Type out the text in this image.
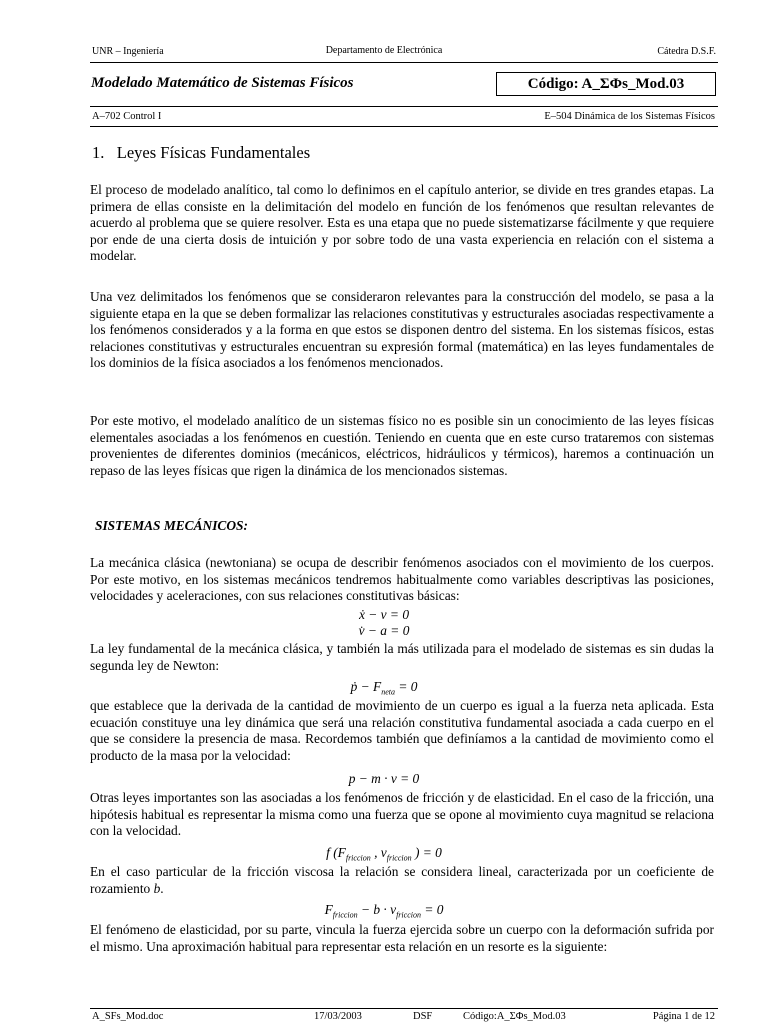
UNR – Ingeniería	Departamento de Electrónica	Cátedra D.S.F.
Modelado Matemático de Sistemas Físicos	Código: A_ΣΦs_Mod.03
A–702 Control I	E–504 Dinámica de los Sistemas Físicos
1.   Leyes Físicas Fundamentales

El proceso de modelado analítico, tal como lo definimos en el capítulo anterior, se divide en tres grandes etapas. La primera de ellas consiste en la delimitación del modelo en función de los fenómenos que resultan relevantes de acuerdo al problema que se quiere resolver. Esta es una etapa que no puede sistematizarse fácilmente y que requiere por ende de una cierta dosis de intuición y por sobre todo de una vasta experiencia en relación con el sistema a modelar.

Una vez delimitados los fenómenos que se consideraron relevantes para la construcción del modelo, se pasa a la siguiente etapa en la que se deben formalizar las relaciones constitutivas y estructurales asociadas respectivamente a los fenómenos considerados y a la forma en que estos se disponen dentro del sistema. En los sistemas físicos, estas relaciones constitutivas y estructurales encuentran su expresión formal (matemática) en las leyes fundamentales de los dominios de la física asociados a los fenómenos mencionados.

Por este motivo, el modelado analítico de un sistemas físico no es posible sin un conocimiento de las leyes físicas elementales asociadas a los fenómenos en cuestión. Teniendo en cuenta que en este curso trataremos con sistemas provenientes de diferentes dominios (mecánicos, eléctricos, hidráulicos y térmicos), haremos a continuación un repaso de las leyes físicas que rigen la dinámica de los mencionados sistemas.

SISTEMAS MECÁNICOS:

La mecánica clásica (newtoniana) se ocupa de describir fenómenos asociados con el movimiento de los cuerpos. Por este motivo, en los sistemas mecánicos tendremos habitualmente como variables descriptivas las posiciones, velocidades y aceleraciones, con sus relaciones constitutivas básicas:

ẋ − v = 0
v̇ − a = 0

La ley fundamental de la mecánica clásica, y también la más utilizada para el modelado de sistemas es sin dudas la segunda ley de Newton:

ṗ − $F_{neta} = 0$

que establece que la derivada de la cantidad de movimiento de un cuerpo es igual a la fuerza neta aplicada. Esta ecuación constituye una ley dinámica que será una relación constitutiva fundamental asociada a cada cuerpo en el que se considere la presencia de masa. Recordemos también que definíamos a la cantidad de movimiento como el producto de la masa por la velocidad:

p − m · v = 0

Otras leyes importantes son las asociadas a los fenómenos de fricción y de elasticidad. En el caso de la fricción, una hipótesis habitual es representar la misma como una fuerza que se opone al movimiento cuya magnitud se relaciona con la velocidad.

f ($F_{friccion}$ , $v_{friccion}$ ) = 0

En el caso particular de la fricción viscosa la relación se considera lineal, caracterizada por un coeficiente de rozamiento b.

$F_{friccion} - b \cdot v_{friccion} = 0$

El fenómeno de elasticidad, por su parte, vincula la fuerza ejercida sobre un cuerpo con la deformación sufrida por el mismo. Una aproximación habitual para representar esta relación en un resorte es la siguiente:

A_SFs_Mod.doc	17/03/2003	DSF	Código:A_ΣΦs_Mod.03	Página 1 de 12
